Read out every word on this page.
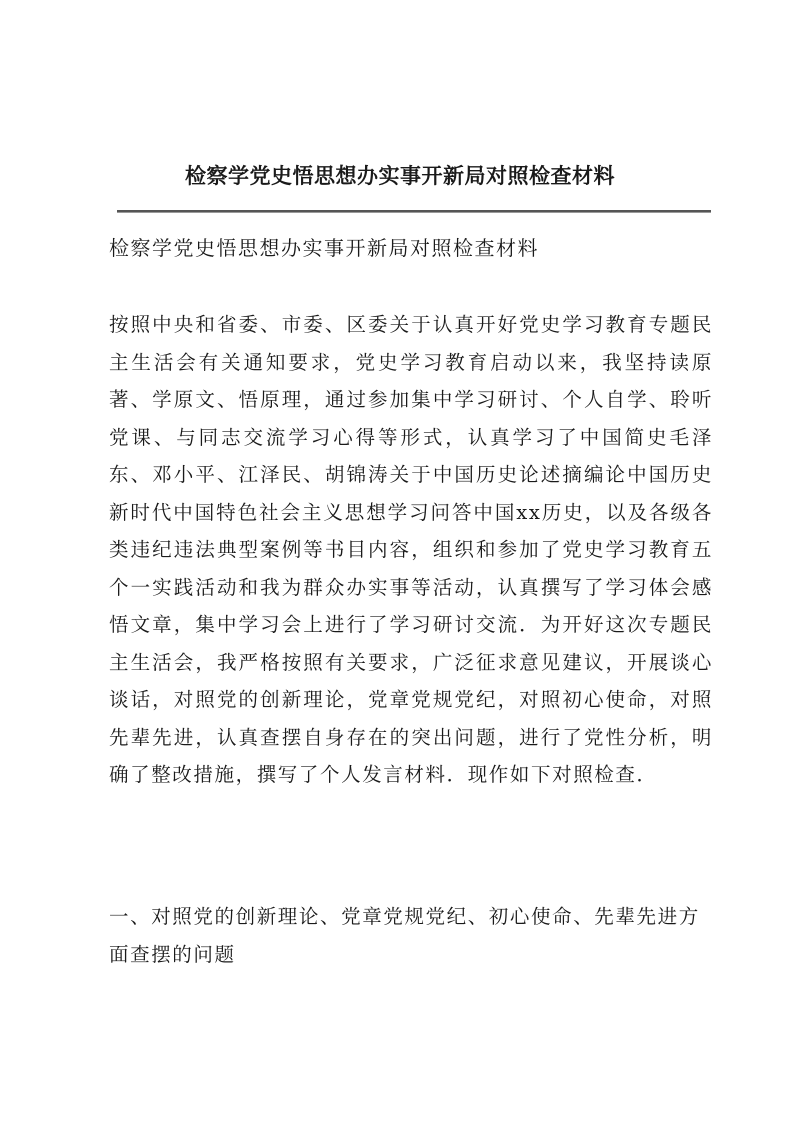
检察学党史悟思想办实事开新局对照检查材料

检察学党史悟思想办实事开新局对照检查材料

按照中央和省委、市委、区委关于认真开好党史学习教育专题民主生活会有关通知要求，党史学习教育启动以来，我坚持读原著、学原文、悟原理，通过参加集中学习研讨、个人自学、聆听党课、与同志交流学习心得等形式，认真学习了中国简史毛泽东、邓小平、江泽民、胡锦涛关于中国历史论述摘编论中国历史新时代中国特色社会主义思想学习问答中国xx历史，以及各级各类违纪违法典型案例等书目内容，组织和参加了党史学习教育五个一实践活动和我为群众办实事等活动，认真撰写了学习体会感悟文章，集中学习会上进行了学习研讨交流．为开好这次专题民主生活会，我严格按照有关要求，广泛征求意见建议，开展谈心谈话，对照党的创新理论，党章党规党纪，对照初心使命，对照先辈先进，认真查摆自身存在的突出问题，进行了党性分析，明确了整改措施，撰写了个人发言材料．现作如下对照检查．

一、对照党的创新理论、党章党规党纪、初心使命、先辈先进方面查摆的问题
